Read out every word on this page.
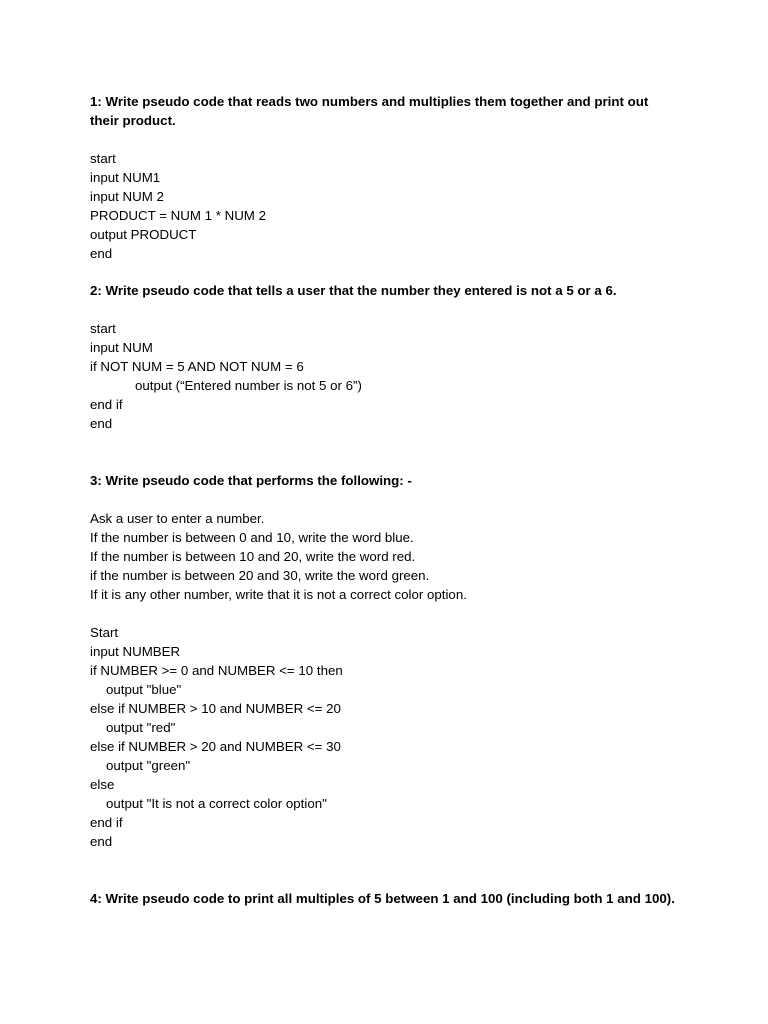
1: Write pseudo code that reads two numbers and multiplies them together and print out their product.

start
input NUM1
input NUM 2
PRODUCT = NUM 1 * NUM 2
output PRODUCT
end

2: Write pseudo code that tells a user that the number they entered is not a 5 or a 6.

start
input NUM
if NOT NUM = 5 AND NOT NUM = 6
output (“Entered number is not 5 or 6”)
end if
end

3: Write pseudo code that performs the following: -

Ask a user to enter a number.
If the number is between 0 and 10, write the word blue.
If the number is between 10 and 20, write the word red.
if the number is between 20 and 30, write the word green.
If it is any other number, write that it is not a correct color option.
Start
input NUMBER
if NUMBER >= 0 and NUMBER <= 10 then
output "blue"
else if NUMBER > 10 and NUMBER <= 20
output "red"
else if NUMBER > 20 and NUMBER <= 30
output "green"
else
output "It is not a correct color option"
end if
end

4: Write pseudo code to print all multiples of 5 between 1 and 100 (including both 1 and 100).
